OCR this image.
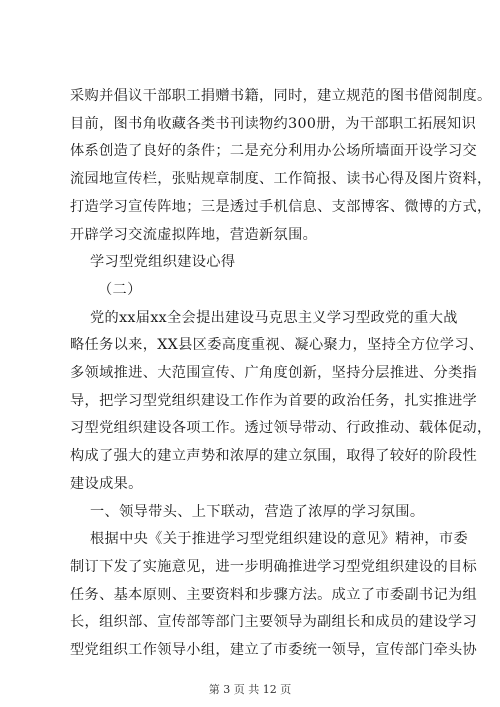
采购并倡议干部职工捐赠书籍，同时，建立规范的图书借阅制度。
目前，图书角收藏各类书刊读物约300册，为干部职工拓展知识
体系创造了良好的条件；二是充分利用办公场所墙面开设学习交
流园地宣传栏，张贴规章制度、工作简报、读书心得及图片资料，
打造学习宣传阵地；三是透过手机信息、支部博客、微博的方式，
开辟学习交流虚拟阵地，营造新氛围。
学习型党组织建设心得
（二）
党的xx届xx全会提出建设马克思主义学习型政党的重大战
略任务以来，XX县区委高度重视、凝心聚力，坚持全方位学习、
多领域推进、大范围宣传、广角度创新，坚持分层推进、分类指
导，把学习型党组织建设工作作为首要的政治任务，扎实推进学
习型党组织建设各项工作。透过领导带动、行政推动、载体促动，
构成了强大的建立声势和浓厚的建立氛围，取得了较好的阶段性
建设成果。
一、领导带头、上下联动，营造了浓厚的学习氛围。
根据中央《关于推进学习型党组织建设的意见》精神，市委
制订下发了实施意见，进一步明确推进学习型党组织建设的目标
任务、基本原则、主要资料和步骤方法。成立了市委副书记为组
长，组织部、宣传部等部门主要领导为副组长和成员的建设学习
型党组织工作领导小组，建立了市委统一领导，宣传部门牵头协
第 3 页 共 12 页
